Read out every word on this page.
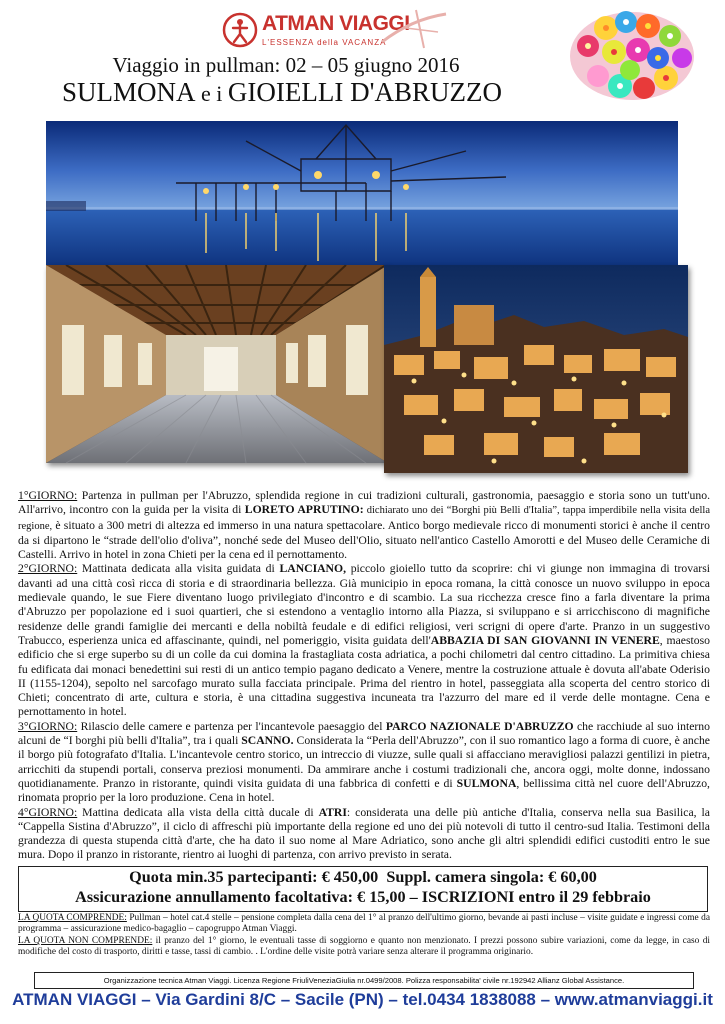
ATMAN VIAGGI
L'ESSENZA della VACANZA
Viaggio in pullman: 02 – 05 giugno 2016
SULMONA e i GIOIELLI D'ABRUZZO

1°GIORNO: Partenza in pullman per l'Abruzzo, splendida regione in cui tradizioni culturali, gastronomia, paesaggio e storia sono un tutt'uno. All'arrivo, incontro con la guida per la visita di LORETO APRUTINO: dichiarato uno dei “Borghi più Belli d'Italia”, tappa imperdibile nella visita della regione, è situato a 300 metri di altezza ed immerso in una natura spettacolare. Antico borgo medievale ricco di monumenti storici è anche il centro da si dipartono le “strade dell'olio d'oliva”, nonché sede del Museo dell'Olio, situato nell'antico Castello Amorotti e del Museo delle Ceramiche di Castelli. Arrivo in hotel in zona Chieti per la cena ed il pernottamento.

2°GIORNO: Mattinata dedicata alla visita guidata di LANCIANO, piccolo gioiello tutto da scoprire: chi vi giunge non immagina di trovarsi davanti ad una città così ricca di storia e di straordinaria bellezza. Già municipio in epoca romana, la città conosce un nuovo sviluppo in epoca medievale quando, le sue Fiere diventano luogo privilegiato d'incontro e di scambio. La sua ricchezza cresce fino a farla diventare la prima d'Abruzzo per popolazione ed i suoi quartieri, che si estendono a ventaglio intorno alla Piazza, si sviluppano e si arricchiscono di magnifiche residenze delle grandi famiglie dei mercanti e della nobiltà feudale e di edifici religiosi, veri scrigni di opere d'arte. Pranzo in un suggestivo Trabucco, esperienza unica ed affascinante, quindi, nel pomeriggio, visita guidata dell'ABBAZIA DI SAN GIOVANNI IN VENERE, maestoso edificio che si erge superbo su di un colle da cui domina la frastagliata costa adriatica, a pochi chilometri dal centro cittadino. La primitiva chiesa fu edificata dai monaci benedettini sui resti di un antico tempio pagano dedicato a Venere, mentre la costruzione attuale è dovuta all'abate Oderisio II (1155-1204), sepolto nel sarcofago murato sulla facciata principale. Prima del rientro in hotel, passeggiata alla scoperta del centro storico di Chieti; concentrato di arte, cultura e storia, è una cittadina suggestiva incuneata tra l'azzurro del mare ed il verde delle montagne. Cena e pernottamento in hotel.

3°GIORNO: Rilascio delle camere e partenza per l'incantevole paesaggio del PARCO NAZIONALE D'ABRUZZO che racchiude al suo interno alcuni de “I borghi più belli d'Italia”, tra i quali SCANNO. Considerata la “Perla dell'Abruzzo”, con il suo romantico lago a forma di cuore, è anche il borgo più fotografato d'Italia. L'incantevole centro storico, un intreccio di viuzze, sulle quali si affacciano meravigliosi palazzi gentilizi in pietra, arricchiti da stupendi portali, conserva preziosi monumenti. Da ammirare anche i costumi tradizionali che, ancora oggi, molte donne, indossano quotidianamente. Pranzo in ristorante, quindi visita guidata di una fabbrica di confetti e di SULMONA, bellissima città nel cuore dell'Abruzzo, rinomata proprio per la loro produzione. Cena in hotel.

4°GIORNO: Mattina dedicata alla vista della città ducale di ATRI: considerata una delle più antiche d'Italia, conserva nella sua Basilica, la “Cappella Sistina d'Abruzzo”, il ciclo di affreschi più importante della regione ed uno dei più notevoli di tutto il centro-sud Italia. Testimoni della grandezza di questa stupenda città d'arte, che ha dato il suo nome al Mare Adriatico, sono anche gli altri splendidi edifici custoditi entro le sue mura. Dopo il pranzo in ristorante, rientro ai luoghi di partenza, con arrivo previsto in serata.

Quota min.35 partecipanti: € 450,00 Suppl. camera singola: € 60,00
Assicurazione annullamento facoltativa: € 15,00 – ISCRIZIONI entro il 29 febbraio

LA QUOTA COMPRENDE: Pullman – hotel cat.4 stelle – pensione completa dalla cena del 1° al pranzo dell'ultimo giorno, bevande ai pasti incluse – visite guidate e ingressi come da programma – assicurazione medico-bagaglio – capogruppo Atman Viaggi.

LA QUOTA NON COMPRENDE: il pranzo del 1° giorno, le eventuali tasse di soggiorno e quanto non menzionato. I prezzi possono subire variazioni, come da legge, in caso di modifiche del costo di trasporto, diritti e tasse, tassi di cambio. . L'ordine delle visite potrà variare senza alterare il programma originario.

Organizzazione tecnica Atman Viaggi. Licenza Regione FriuliVeneziaGiulia nr.0499/2008. Polizza responsabilita' civile nr.192942 Allianz Global Assistance.
ATMAN VIAGGI – Via Gardini 8/C – Sacile (PN) – tel.0434 1838088 – www.atmanviaggi.it
